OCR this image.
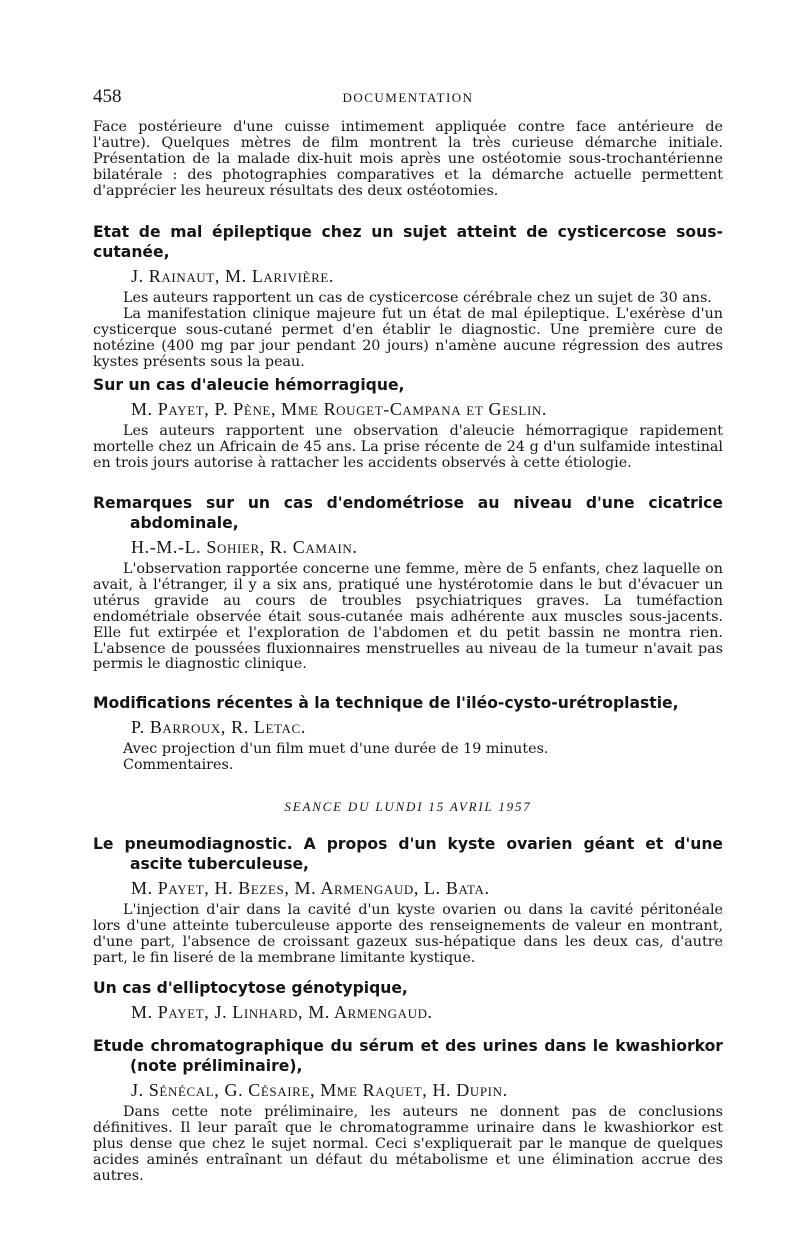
458	DOCUMENTATION

Face postérieure d'une cuisse intimement appliquée contre face antérieure de l'autre). Quelques mètres de film montrent la très curieuse démarche initiale. Présentation de la malade dix-huit mois après une ostéotomie sous-trochantérienne bilatérale : des photographies comparatives et la démarche actuelle permettent d'apprécier les heureux résultats des deux ostéotomies.

Etat de mal épileptique chez un sujet atteint de cysticercose sous-cutanée,
J. Rainaut, M. Larivière.

Les auteurs rapportent un cas de cysticercose cérébrale chez un sujet de 30 ans.

La manifestation clinique majeure fut un état de mal épileptique. L'exérèse d'un cysticerque sous-cutané permet d'en établir le diagnostic. Une première cure de notézine (400 mg par jour pendant 20 jours) n'amène aucune régression des autres kystes présents sous la peau.

Sur un cas d'aleucie hémorragique,
M. Payet, P. Pène, Mme Rouget-Campana et Geslin.

Les auteurs rapportent une observation d'aleucie hémorragique rapidement mortelle chez un Africain de 45 ans. La prise récente de 24 g d'un sulfamide intestinal en trois jours autorise à rattacher les accidents observés à cette étiologie.

Remarques sur un cas d'endométriose au niveau d'une cicatrice abdominale,
H.-M.-L. Sohier, R. Camain.

L'observation rapportée concerne une femme, mère de 5 enfants, chez laquelle on avait, à l'étranger, il y a six ans, pratiqué une hystérotomie dans le but d'évacuer un utérus gravide au cours de troubles psychiatriques graves. La tuméfaction endométriale observée était sous-cutanée mais adhérente aux muscles sous-jacents. Elle fut extirpée et l'exploration de l'abdomen et du petit bassin ne montra rien. L'absence de poussées fluxionnaires menstruelles au niveau de la tumeur n'avait pas permis le diagnostic clinique.

Modifications récentes à la technique de l'iléo-cysto-urétroplastie,
P. Barroux, R. Letac.

Avec projection d'un film muet d'une durée de 19 minutes.

Commentaires.

SEANCE DU LUNDI 15 AVRIL 1957
Le pneumodiagnostic. A propos d'un kyste ovarien géant et d'une ascite tuberculeuse,
M. Payet, H. Bezes, M. Armengaud, L. Bata.

L'injection d'air dans la cavité d'un kyste ovarien ou dans la cavité péritonéale lors d'une atteinte tuberculeuse apporte des renseignements de valeur en montrant, d'une part, l'absence de croissant gazeux sus-hépatique dans les deux cas, d'autre part, le fin liseré de la membrane limitante kystique.

Un cas d'elliptocytose génotypique,
M. Payet, J. Linhard, M. Armengaud.
Etude chromatographique du sérum et des urines dans le kwashiorkor (note préliminaire),
J. Sénécal, G. Césaire, Mme Raquet, H. Dupin.

Dans cette note préliminaire, les auteurs ne donnent pas de conclusions définitives. Il leur paraît que le chromatogramme urinaire dans le kwashiorkor est plus dense que chez le sujet normal. Ceci s'expliquerait par le manque de quelques acides aminés entraînant un défaut du métabolisme et une élimination accrue des autres.
